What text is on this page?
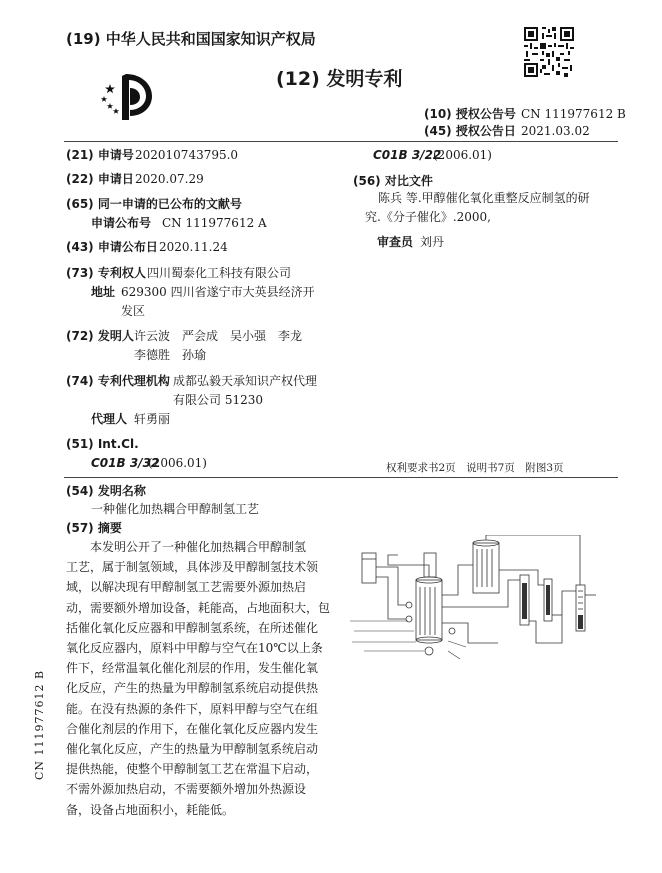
(19) 中华人民共和国国家知识产权局
(12) 发明专利
(10) 授权公告号 CN 111977612 B
(45) 授权公告日 2021.03.02
(21) 申请号 202010743795.0
(22) 申请日 2020.07.29
(65) 同一申请的已公布的文献号
申请公布号 CN 111977612 A
(43) 申请公布日 2020.11.24
(73) 专利权人 四川蜀泰化工科技有限公司
地址 629300 四川省遂宁市大英县经济开
发区
(72) 发明人 许云波　严会成　吴小强　李龙
李德胜　孙瑜
(74) 专利代理机构 成都弘毅天承知识产权代理
有限公司 51230
代理人 轩勇丽
(51) Int.Cl.
C01B 3/32
(2006.01)
C01B 3/22
(2006.01)
(56) 对比文件
陈兵 等.甲醇催化氧化重整反应制氢的研
究.《分子催化》.2000,
审查员 刘丹
权利要求书2页　说明书7页　附图3页
(54) 发明名称
一种催化加热耦合甲醇制氢工艺
(57) 摘要
　　本发明公开了一种催化加热耦合甲醇制氢
工艺，属于制氢领域，具体涉及甲醇制氢技术领
域，以解决现有甲醇制氢工艺需要外源加热启
动，需要额外增加设备，耗能高，占地面积大，包
括催化氧化反应器和甲醇制氢系统，在所述催化
氧化反应器内，原料中甲醇与空气在10℃以上条
件下，经常温氧化催化剂层的作用，发生催化氧
化反应，产生的热量为甲醇制氢系统启动提供热
能。在没有热源的条件下，原料甲醇与空气在组
合催化剂层的作用下，在催化氧化反应器内发生
催化氧化反应，产生的热量为甲醇制氢系统启动
提供热能，使整个甲醇制氢工艺在常温下启动，
不需外源加热启动，不需要额外增加外热源设
备，设备占地面积小，耗能低。
CN 111977612 B
